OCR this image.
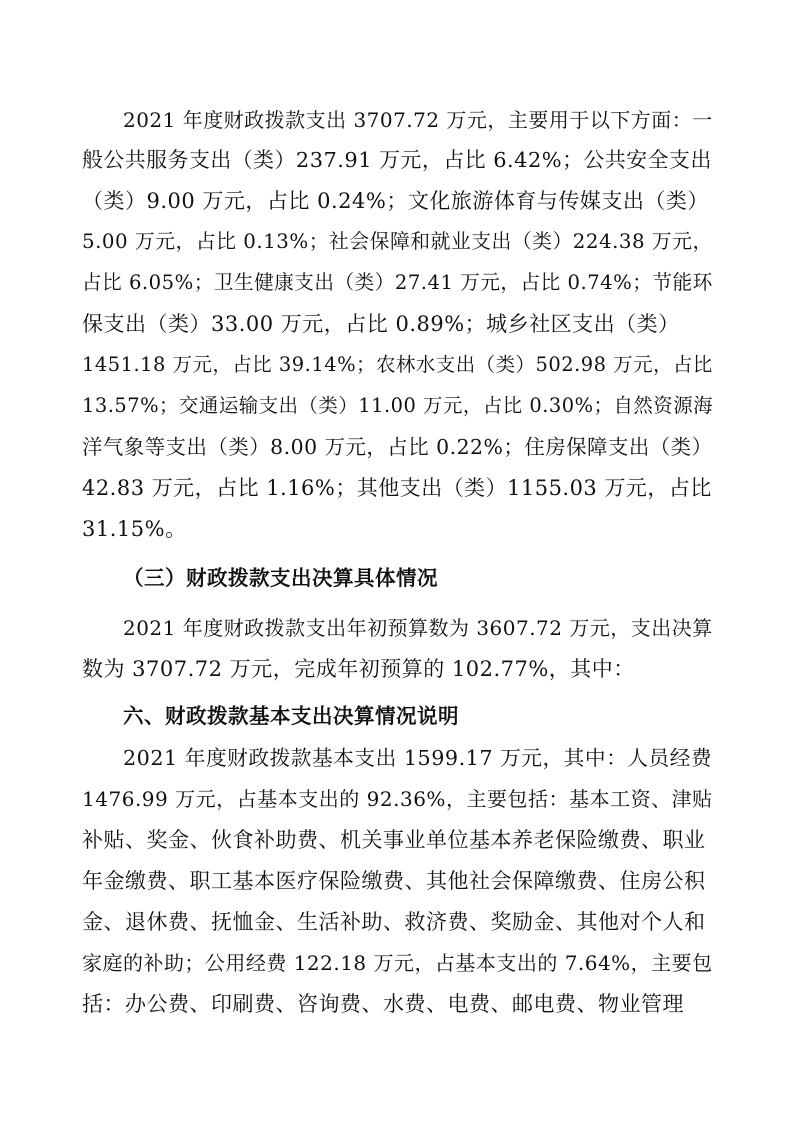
2021 年度财政拨款支出 3707.72 万元，主要用于以下方面：一

般公共服务支出（类）237.91 万元，占比 6.42%；公共安全支出

（类）9.00 万元，占比 0.24%；文化旅游体育与传媒支出（类）

5.00 万元，占比 0.13%；社会保障和就业支出（类）224.38 万元，

占比 6.05%；卫生健康支出（类）27.41 万元，占比 0.74%；节能环

保支出（类）33.00 万元，占比 0.89%；城乡社区支出（类）

1451.18 万元，占比 39.14%；农林水支出（类）502.98 万元，占比

13.57%；交通运输支出（类）11.00 万元，占比 0.30%；自然资源海

洋气象等支出（类）8.00 万元，占比 0.22%；住房保障支出（类）

42.83 万元，占比 1.16%；其他支出（类）1155.03 万元，占比

31.15%。

（三）财政拨款支出决算具体情况

2021 年度财政拨款支出年初预算数为 3607.72 万元，支出决算

数为 3707.72 万元，完成年初预算的 102.77%，其中：

六、财政拨款基本支出决算情况说明

2021 年度财政拨款基本支出 1599.17 万元，其中：人员经费

1476.99 万元，占基本支出的 92.36%，主要包括：基本工资、津贴

补贴、奖金、伙食补助费、机关事业单位基本养老保险缴费、职业

年金缴费、职工基本医疗保险缴费、其他社会保障缴费、住房公积

金、退休费、抚恤金、生活补助、救济费、奖励金、其他对个人和

家庭的补助；公用经费 122.18 万元，占基本支出的 7.64%，主要包

括：办公费、印刷费、咨询费、水费、电费、邮电费、物业管理
